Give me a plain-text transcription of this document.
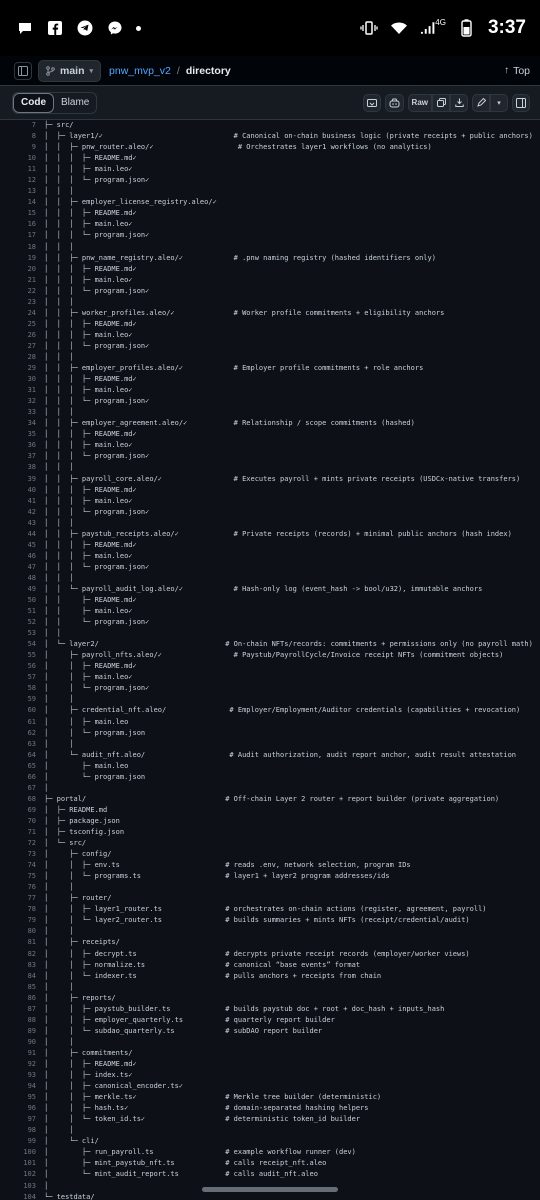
4G 3:37
main ▾ pnw_mvp_v2 / directory	↑ Top
Code	Blame	Raw	▾
7	├─ src/
8	│  ├─ layer1/✓                               # Canonical on-chain business logic (private receipts + public anchors)
9	│  │  ├─ pnw_router.aleo/✓                    # Orchestrates layer1 workflows (no analytics)
10	│  │  │  ├─ README.md✓
11	│  │  │  ├─ main.leo✓
12	│  │  │  └─ program.json✓
13	│  │  │
14	│  │  ├─ employer_license_registry.aleo/✓
15	│  │  │  ├─ README.md✓
16	│  │  │  ├─ main.leo✓
17	│  │  │  └─ program.json✓
18	│  │  │
19	│  │  ├─ pnw_name_registry.aleo/✓            # .pnw naming registry (hashed identifiers only)
20	│  │  │  ├─ README.md✓
21	│  │  │  ├─ main.leo✓
22	│  │  │  └─ program.json✓
23	│  │  │
24	│  │  ├─ worker_profiles.aleo/✓              # Worker profile commitments + eligibility anchors
25	│  │  │  ├─ README.md✓
26	│  │  │  ├─ main.leo✓
27	│  │  │  └─ program.json✓
28	│  │  │
29	│  │  ├─ employer_profiles.aleo/✓            # Employer profile commitments + role anchors
30	│  │  │  ├─ README.md✓
31	│  │  │  ├─ main.leo✓
32	│  │  │  └─ program.json✓
33	│  │  │
34	│  │  ├─ employer_agreement.aleo/✓           # Relationship / scope commitments (hashed)
35	│  │  │  ├─ README.md✓
36	│  │  │  ├─ main.leo✓
37	│  │  │  └─ program.json✓
38	│  │  │
39	│  │  ├─ payroll_core.aleo/✓                 # Executes payroll + mints private receipts (USDCx-native transfers)
40	│  │  │  ├─ README.md✓
41	│  │  │  ├─ main.leo✓
42	│  │  │  └─ program.json✓
43	│  │  │
44	│  │  ├─ paystub_receipts.aleo/✓             # Private receipts (records) + minimal public anchors (hash index)
45	│  │  │  ├─ README.md✓
46	│  │  │  ├─ main.leo✓
47	│  │  │  └─ program.json✓
48	│  │  │
49	│  │  └─ payroll_audit_log.aleo/✓            # Hash-only log (event_hash -> bool/u32), immutable anchors
50	│  │     ├─ README.md✓
51	│  │     ├─ main.leo✓
52	│  │     └─ program.json✓
53	│  │
54	│  └─ layer2/                              # On-chain NFTs/records: commitments + permissions only (no payroll math)
55	│     ├─ payroll_nfts.aleo/✓                 # Paystub/PayrollCycle/Invoice receipt NFTs (commitment objects)
56	│     │  ├─ README.md✓
57	│     │  ├─ main.leo✓
58	│     │  └─ program.json✓
59	│     │
60	│     ├─ credential_nft.aleo/               # Employer/Employment/Auditor credentials (capabilities + revocation)
61	│     │  ├─ main.leo
62	│     │  └─ program.json
63	│     │
64	│     └─ audit_nft.aleo/                    # Audit authorization, audit report anchor, audit result attestation
65	│        ├─ main.leo
66	│        └─ program.json
67	│
68	├─ portal/                                 # Off-chain Layer 2 router + report builder (private aggregation)
69	│  ├─ README.md
70	│  ├─ package.json
71	│  ├─ tsconfig.json
72	│  └─ src/
73	│     ├─ config/
74	│     │  ├─ env.ts                         # reads .env, network selection, program IDs
75	│     │  └─ programs.ts                    # layer1 + layer2 program addresses/ids
76	│     │
77	│     ├─ router/
78	│     │  ├─ layer1_router.ts               # orchestrates on-chain actions (register, agreement, payroll)
79	│     │  └─ layer2_router.ts               # builds summaries + mints NFTs (receipt/credential/audit)
80	│     │
81	│     ├─ receipts/
82	│     │  ├─ decrypt.ts                     # decrypts private receipt records (employer/worker views)
83	│     │  ├─ normalize.ts                   # canonical “base events” format
84	│     │  └─ indexer.ts                     # pulls anchors + receipts from chain
85	│     │
86	│     ├─ reports/
87	│     │  ├─ paystub_builder.ts             # builds paystub doc + root + doc_hash + inputs_hash
88	│     │  ├─ employer_quarterly.ts          # quarterly report builder
89	│     │  └─ subdao_quarterly.ts            # subDAO report builder
90	│     │
91	│     ├─ commitments/
92	│     │  ├─ README.md✓
93	│     │  ├─ index.ts✓
94	│     │  ├─ canonical_encoder.ts✓
95	│     │  ├─ merkle.ts✓                     # Merkle tree builder (deterministic)
96	│     │  ├─ hash.ts✓                       # domain-separated hashing helpers
97	│     │  └─ token_id.ts✓                   # deterministic token_id builder
98	│     │
99	│     └─ cli/
100	│        ├─ run_payroll.ts                 # example workflow runner (dev)
101	│        ├─ mint_paystub_nft.ts            # calls receipt_nft.aleo
102	│        └─ mint_audit_report.ts           # calls audit_nft.aleo
103	│
104	└─ testdata/
